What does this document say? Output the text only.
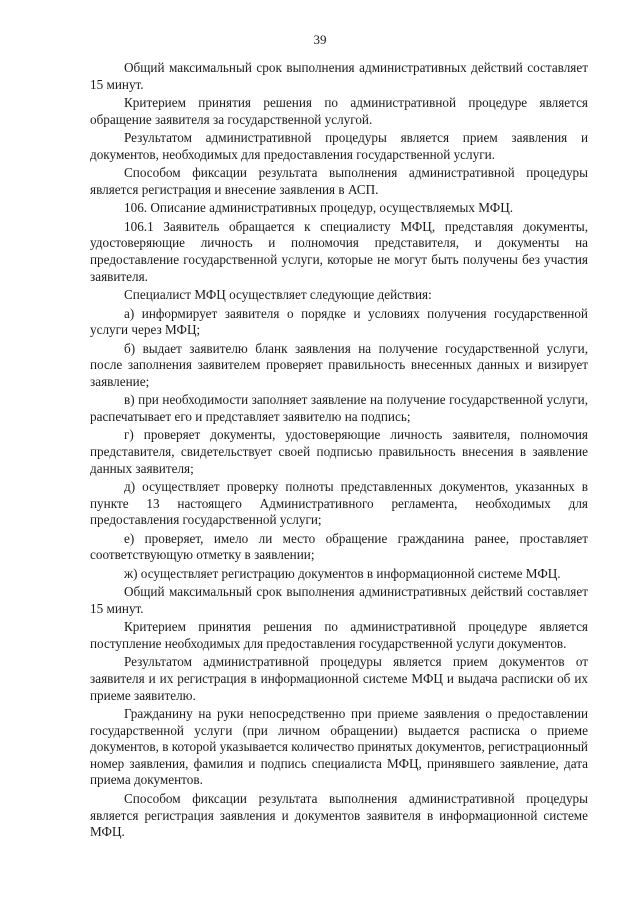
39

Общий максимальный срок выполнения административных действий составляет 15 минут.

Критерием принятия решения по административной процедуре является обращение заявителя за государственной услугой.

Результатом административной процедуры является прием заявления и документов, необходимых для предоставления государственной услуги.

Способом фиксации результата выполнения административной процедуры является регистрация и внесение заявления в АСП.

106. Описание административных процедур, осуществляемых МФЦ.

106.1 Заявитель обращается к специалисту МФЦ, представляя документы, удостоверяющие личность и полномочия представителя, и документы на предоставление государственной услуги, которые не могут быть получены без участия заявителя.

Специалист МФЦ осуществляет следующие действия:

а) информирует заявителя о порядке и условиях получения государственной услуги через МФЦ;

б) выдает заявителю бланк заявления на получение государственной услуги, после заполнения заявителем проверяет правильность внесенных данных и визирует заявление;

в) при необходимости заполняет заявление на получение государственной услуги, распечатывает его и представляет заявителю на подпись;

г) проверяет документы, удостоверяющие личность заявителя, полномочия представителя, свидетельствует своей подписью правильность внесения в заявление данных заявителя;

д) осуществляет проверку полноты представленных документов, указанных в пункте 13 настоящего Административного регламента, необходимых для предоставления государственной услуги;

е) проверяет, имело ли место обращение гражданина ранее, проставляет соответствующую отметку в заявлении;

ж) осуществляет регистрацию документов в информационной системе МФЦ.

Общий максимальный срок выполнения административных действий составляет 15 минут.

Критерием принятия решения по административной процедуре является поступление необходимых для предоставления государственной услуги документов.

Результатом административной процедуры является прием документов от заявителя и их регистрация в информационной системе МФЦ и выдача расписки об их приеме заявителю.

Гражданину на руки непосредственно при приеме заявления о предоставлении государственной услуги (при личном обращении) выдается расписка о приеме документов, в которой указывается количество принятых документов, регистрационный номер заявления, фамилия и подпись специалиста МФЦ, принявшего заявление, дата приема документов.

Способом фиксации результата выполнения административной процедуры является регистрация заявления и документов заявителя в информационной системе МФЦ.
